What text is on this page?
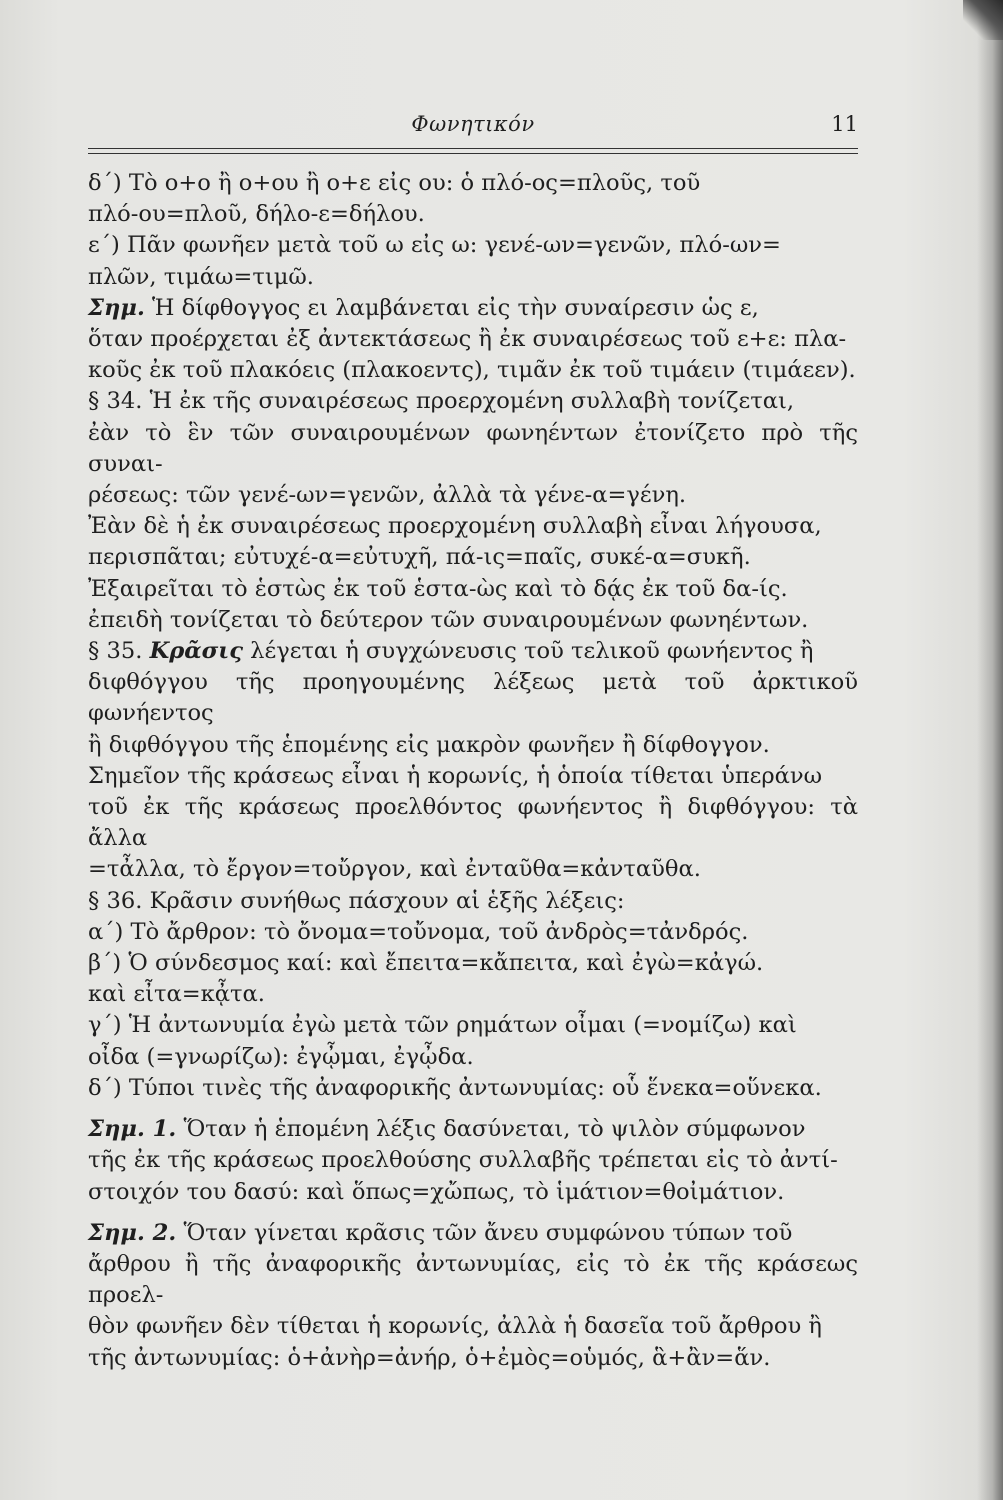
Φωνητικόν	11

δ΄) Τὸ ο+ο ἢ ο+ου ἢ ο+ε εἰς ου: ὁ πλό-ος=πλοῦς, τοῦ

πλό-ου=πλοῦ, δήλο-ε=δήλου.

ε΄) Πᾶν φωνῆεν μετὰ τοῦ ω εἰς ω: γενέ-ων=γενῶν, πλό-ων=

πλῶν, τιμάω=τιμῶ.

Σημ. Ἡ δίφθογγος ει λαμβάνεται εἰς τὴν συναίρεσιν ὡς ε,

ὅταν προέρχεται ἐξ ἀντεκτάσεως ἢ ἐκ συναιρέσεως τοῦ ε+ε: πλα-

κοῦς ἐκ τοῦ πλακόεις (πλακοεντς), τιμᾶν ἐκ τοῦ τιμάειν (τιμάεεν).

§ 34. Ἡ ἐκ τῆς συναιρέσεως προερχομένη συλλαβὴ τονίζεται,

ἐὰν τὸ ἓν τῶν συναιρουμένων φωνηέντων ἐτονίζετο πρὸ τῆς συναι-

ρέσεως: τῶν γενέ-ων=γενῶν, ἀλλὰ τὰ γένε-α=γένη.

Ἐὰν δὲ ἡ ἐκ συναιρέσεως προερχομένη συλλαβὴ εἶναι λήγουσα,

περισπᾶται; εὐτυχέ-α=εὐτυχῆ, πά-ις=παῖς, συκέ-α=συκῆ.

Ἐξαιρεῖται τὸ ἑστὼς ἐκ τοῦ ἑστα-ὼς καὶ τὸ δᾴς ἐκ τοῦ δα-ίς.

ἐπειδὴ τονίζεται τὸ δεύτερον τῶν συναιρουμένων φωνηέντων.

§ 35. Κρᾶσις λέγεται ἡ συγχώνευσις τοῦ τελικοῦ φωνήεντος ἢ

διφθόγγου τῆς προηγουμένης λέξεως μετὰ τοῦ ἀρκτικοῦ φωνήεντος

ἢ διφθόγγου τῆς ἑπομένης εἰς μακρὸν φωνῆεν ἢ δίφθογγον.

Σημεῖον τῆς κράσεως εἶναι ἡ κορωνίς, ἡ ὁποία τίθεται ὑπεράνω

τοῦ ἐκ τῆς κράσεως προελθόντος φωνήεντος ἢ διφθόγγου: τὰ ἄλλα

=τἆλλα, τὸ ἔργον=τοὔργον, καὶ ἐνταῦθα=κἀνταῦθα.

§ 36. Κρᾶσιν συνήθως πάσχουν αἱ ἑξῆς λέξεις:

α΄) Τὸ ἄρθρον: τὸ ὄνομα=τοὔνομα, τοῦ ἀνδρὸς=τἀνδρός.

β΄) Ὁ σύνδεσμος καί: καὶ ἔπειτα=κἄπειτα, καὶ ἐγὼ=κἀγώ.

καὶ εἶτα=κᾆτα.

γ΄) Ἡ ἀντωνυμία ἐγὼ μετὰ τῶν ρημάτων οἶμαι (=νομίζω) καὶ

οἶδα (=γνωρίζω): ἐγᾦμαι, ἐγᾦδα.

δ΄) Τύποι τινὲς τῆς ἀναφορικῆς ἀντωνυμίας: οὗ ἕνεκα=οὕνεκα.

Σημ. 1. Ὅταν ἡ ἑπομένη λέξις δασύνεται, τὸ ψιλὸν σύμφωνον

τῆς ἐκ τῆς κράσεως προελθούσης συλλαβῆς τρέπεται εἰς τὸ ἀντί-

στοιχόν του δασύ: καὶ ὅπως=χὤπως, τὸ ἱμάτιον=θοἰμάτιον.

Σημ. 2. Ὅταν γίνεται κρᾶσις τῶν ἄνευ συμφώνου τύπων τοῦ

ἄρθρου ἢ τῆς ἀναφορικῆς ἀντωνυμίας, εἰς τὸ ἐκ τῆς κράσεως προελ-

θὸν φωνῆεν δὲν τίθεται ἡ κορωνίς, ἀλλὰ ἡ δασεῖα τοῦ ἄρθρου ἢ

τῆς ἀντωνυμίας: ὁ+ἀνὴρ=ἀνήρ, ὁ+ἐμὸς=οὑμός, ἃ+ἂν=ἅν.
